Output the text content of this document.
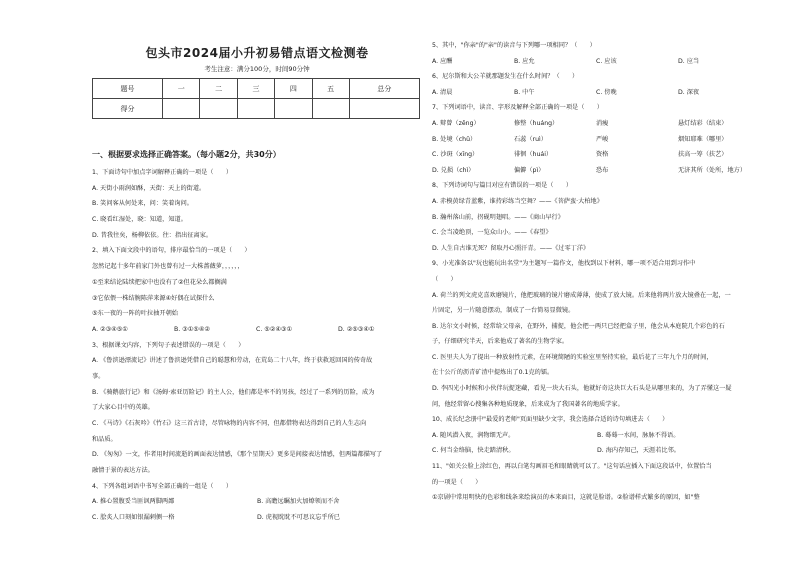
包头市2024届小升初易错点语文检测卷
考生注意：满分100分，时间90分钟
题号	一	二	三	四	五	总分
得分						
一、根据要求选择正确答案。（每小题2分，共30分）
1、下面诗句中加点字词解释正确的一项是（　　）
A. 天街小雨润如酥，天街：天上的街道。
B. 笑问客从何处来，问：笑着询问。
C. 晓看红湿处，晓：知道，知道。
D. 昔我往矣，杨柳依依。往：指出征离家。
2、填入下面文段中的语句，排序最恰当的一项是（　　）
忽然记起十多年前家门外也曾有过一大株蔷薇萝，，，，，，
①至来结论陆续把家中也没有了②但花朵么都搁满
③它依偎一株结腕陈萍来源④好偶在试探什么
⑤东一夜的一阵的叶拉抽开朝始
A. ②③④⑤①	B. ③①⑤④②	C. ⑤②④③①	D. ②⑤③④①
3、根据课文内容，下列句子表述错误的一项是（　　）
A. 《鲁滨逊漂流记》讲述了鲁滨逊凭借自己的聪慧和劳动，在荒岛二十八年，终于获救返回国的传奇故
事。
B. 《骑鹅旅行记》和《汤姆·索亚历险记》的主人公，他们都是率不的男孩，经过了一系列的历险，成为
了大家心目中的英雄。
C. 《马诗》《石灰吟》《竹石》这三首古诗，尽管咏物的内容不同，但都借物表达得到自己的人生志向
和品质。
D. 《匆匆》一文，作者用时间流逝的画面表达情感，《那个星期天》更多是间接表达情感，但两篇都描写了
融情于景的表达方法。
4、下列各组词语中书写全部正确的一组是（　　）
A. 推心置腹妥当匪讽两脚两鄙	B. 高瞻远瞩加火加燎领而不舍
C. 脍炙人口刻如银漏刺侧一格	D. 虎视眈眈不可思议忘乎所已
5、其中，"你亲"的"亲"的读音与下列哪一项相同？（　　）
A. 应酬	B. 应允	C. 应该	D. 应当
6、尼尔斯和大公羊就那题发生在什么时间？（　　）
A. 清晨	B. 中午	C. 傍晚	D. 深夜
7、下列词语中，读音、字形及解释全部正确的一项是（　　）
A. 辩曾（zēng）	修整（huáng）	消瘦	悬灯结彩（结束）
B. 处境（chǔ）	石蕊（ruì）	严峻	烟知耶难（哪里）
C. 沙斑（xīng）	徘徊（huái）	资格	扶高一筹（扶艺）
D. 兑损（chì）	偏僻（pì）	恐布	无济其所（处所，地方）
8、下列诗词句与篇目对应有错误的一项是（　　）
A. 赤模黄绿青蓝紫，谁持彩练当空舞？——《菩萨蛮·大柏地》
B. 瀚州落山前，拐砚明翅唱。——《商山早行》
C. 会当凌绝顶，一览众山小。——《春望》
D. 人生自古谁无死？留取丹心照汗青。——《过零丁洋》
9、小光准备以"玩也能玩出名堂"为主题写一篇作文，他找到以下材料，哪一项不适合用到习作中
（　　）
A. 荷兰的列文虎克喜欢磨镜片，他把玻璃的镜片磨成薄薄，使成了放大镜。后来他将两片放大镜叠在一起，一
片固定，另一片随意摆动，制成了一台简易显微镜。
B. 达尔文小时候，经常给父母亲，在野外，捕捉，他会把一两只已经把盒子里，他会从本庭院几个彩色的石
子，仔细研究半天，后来他成了著名的生物学家。
C. 医里夫人为了提出一种放射性元素，在环境简陋的实验室里坚持实验，最后花了三年九个月的时间，
在十公斤的沥青矿渣中提炼出了0.1克的镭。
D. 李四光小时候和小伙伴玩捉迷藏，看见一块大石头，他就好奇这块巨大石头是从哪里来的，为了弄懂这一疑
问，他经常留心搜集各种地质现象，后来成为了我国著名的地质学家。
10、成长纪念册中"最爱的老师"页面里缺少文字，我会选择合适的诗句填进去（　　）
A. 随风潜入夜，润物细无声。	B. 蓦蓦一水间，脉脉不得语。
C. 何当金络脑，快走踏清秋。	D. 海内存知己，天涯若比邻。
11、"如关公脸上涂红色，再以白笔勾画眉毛和眼睛就可以了。"这句话应插入下面这段话中，位置恰当
的一项是（　　）
①京剧中常用明快的色彩和线条来绘演员的本来面目，这就是脸谱。②脸谱样式繁多的原因，如"整
